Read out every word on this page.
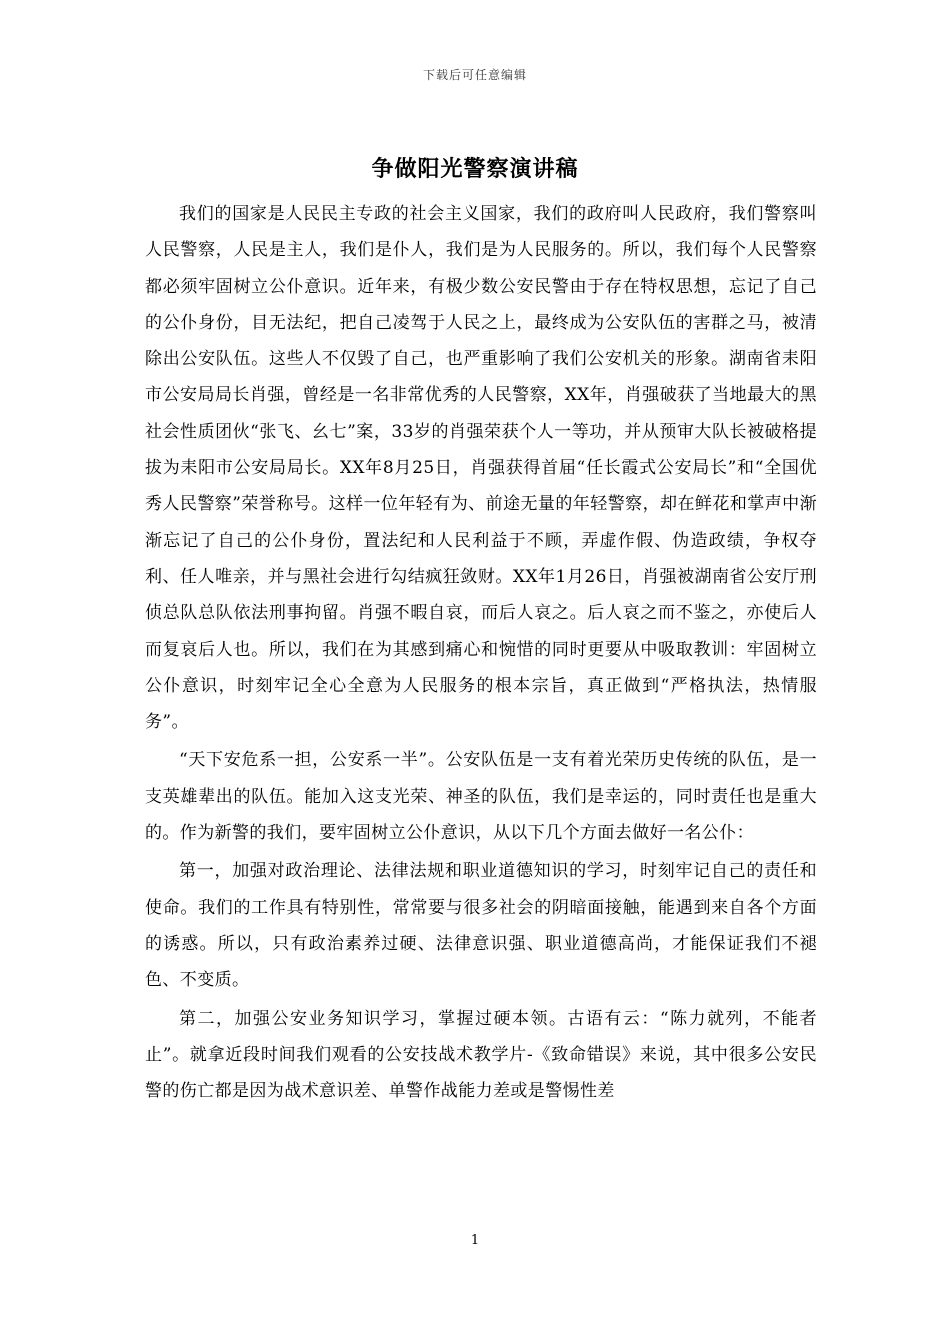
下载后可任意编辑
争做阳光警察演讲稿

我们的国家是人民民主专政的社会主义国家，我们的政府叫人民政府，我们警察叫人民警察，人民是主人，我们是仆人，我们是为人民服务的。所以，我们每个人民警察都必须牢固树立公仆意识。近年来，有极少数公安民警由于存在特权思想，忘记了自己的公仆身份，目无法纪，把自己凌驾于人民之上，最终成为公安队伍的害群之马，被清除出公安队伍。这些人不仅毁了自己，也严重影响了我们公安机关的形象。湖南省耒阳市公安局局长肖强，曾经是一名非常优秀的人民警察，XX年，肖强破获了当地最大的黑社会性质团伙“张飞、幺七”案，33岁的肖强荣获个人一等功，并从预审大队长被破格提拔为耒阳市公安局局长。XX年8月25日，肖强获得首届“任长霞式公安局长”和“全国优秀人民警察”荣誉称号。这样一位年轻有为、前途无量的年轻警察，却在鲜花和掌声中渐渐忘记了自己的公仆身份，置法纪和人民利益于不顾，弄虚作假、伪造政绩，争权夺利、任人唯亲，并与黑社会进行勾结疯狂敛财。XX年1月26日，肖强被湖南省公安厅刑侦总队总队依法刑事拘留。肖强不暇自哀，而后人哀之。后人哀之而不鉴之，亦使后人而复哀后人也。所以，我们在为其感到痛心和惋惜的同时更要从中吸取教训：牢固树立公仆意识，时刻牢记全心全意为人民服务的根本宗旨，真正做到“严格执法，热情服务”。

“天下安危系一担，公安系一半”。公安队伍是一支有着光荣历史传统的队伍，是一支英雄辈出的队伍。能加入这支光荣、神圣的队伍，我们是幸运的，同时责任也是重大的。作为新警的我们，要牢固树立公仆意识，从以下几个方面去做好一名公仆：

第一，加强对政治理论、法律法规和职业道德知识的学习，时刻牢记自己的责任和使命。我们的工作具有特别性，常常要与很多社会的阴暗面接触，能遇到来自各个方面的诱惑。所以，只有政治素养过硬、法律意识强、职业道德高尚，才能保证我们不褪色、不变质。

第二，加强公安业务知识学习，掌握过硬本领。古语有云：“陈力就列，不能者止”。就拿近段时间我们观看的公安技战术教学片-《致命错误》来说，其中很多公安民警的伤亡都是因为战术意识差、单警作战能力差或是警惕性差

1
